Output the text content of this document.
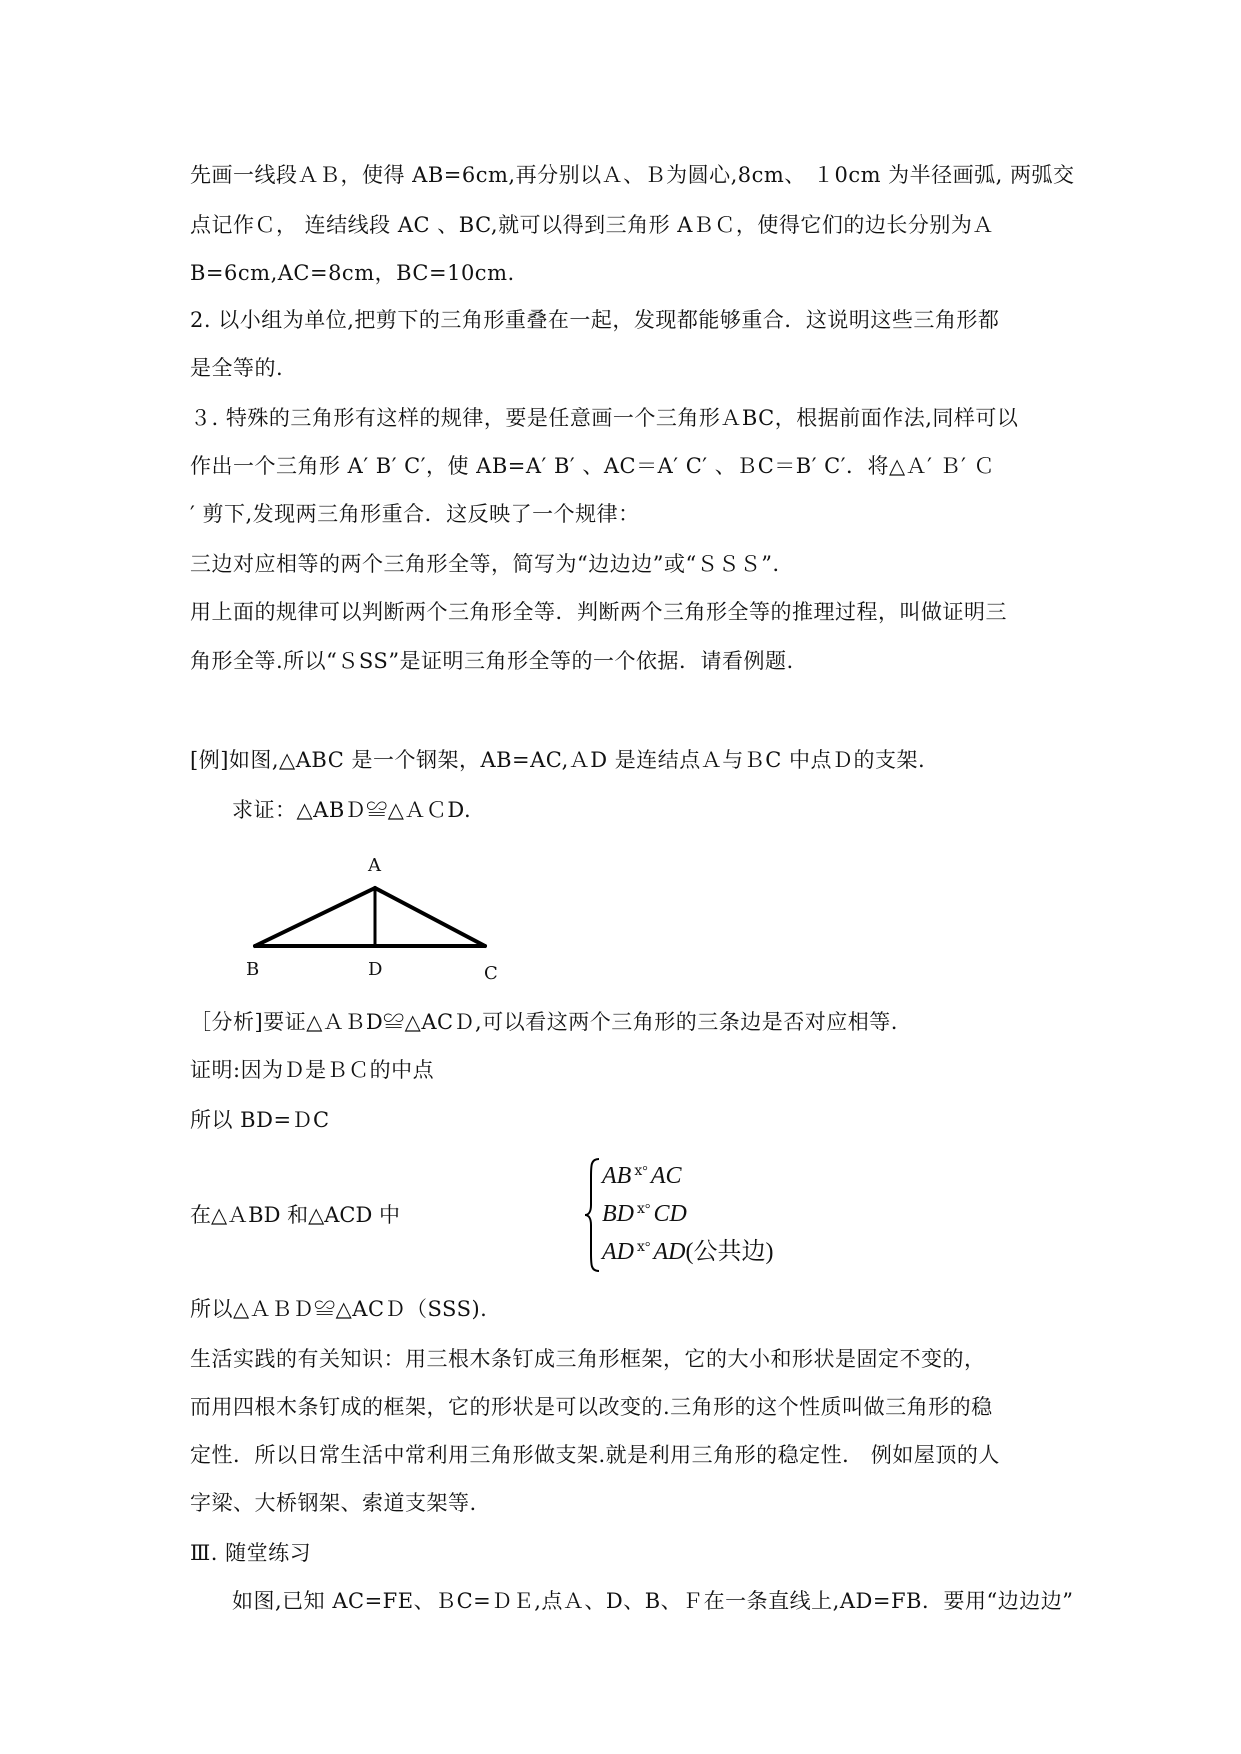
先画一线段ＡＢ，使得 AB=6cm,再分别以Ａ、Ｂ为圆心,8cm、 １0cm 为半径画弧, 两弧交
点记作Ｃ， 连结线段 AC 、BC,就可以得到三角形 AＢＣ，使得它们的边长分别为Ａ
B=6cm,AC=8cm，BC=10cm.
2. 以小组为单位,把剪下的三角形重叠在一起，发现都能够重合．这说明这些三角形都
是全等的.
３. 特殊的三角形有这样的规律，要是任意画一个三角形ＡBC，根据前面作法,同样可以
作出一个三角形 A′ B′ C′，使 AB=A′ B′ 、AC＝A′ C′ 、ＢC＝B′ C′．将△Ａ′ Ｂ′ Ｃ
′ 剪下,发现两三角形重合．这反映了一个规律：
三边对应相等的两个三角形全等，简写为“边边边”或“ＳＳＳ”．
用上面的规律可以判断两个三角形全等．判断两个三角形全等的推理过程，叫做证明三
角形全等.所以“ＳSS”是证明三角形全等的一个依据．请看例题.
[例]如图,△ABC 是一个钢架，AB=AC,ＡD 是连结点Ａ与ＢC 中点Ｄ的支架.
求证：△ABＤ≌△ＡＣD.
A
B	D	C
［分析]要证△ＡＢD≌△ACＤ,可以看这两个三角形的三条边是否对应相等.
证明:因为Ｄ是ＢＣ的中点
所以 BD=ＤC
在△ＡBD 和△ACD 中
AB $^{ⅹ^\circ}$ AC
BD $^{ⅹ^\circ}$ CD
AD $^{ⅹ^\circ}$ AD(公共边)
所以△ＡＢＤ≌△ACＤ（SSS).
生活实践的有关知识：用三根木条钉成三角形框架，它的大小和形状是固定不变的，
而用四根木条钉成的框架，它的形状是可以改变的.三角形的这个性质叫做三角形的稳
定性．所以日常生活中常利用三角形做支架.就是利用三角形的稳定性． 例如屋顶的人
字梁、大桥钢架、索道支架等.
Ⅲ. 随堂练习
如图,已知 AC=FE、ＢC=ＤＥ,点Ａ、D、B、Ｆ在一条直线上,AD=FB．要用“边边边”
